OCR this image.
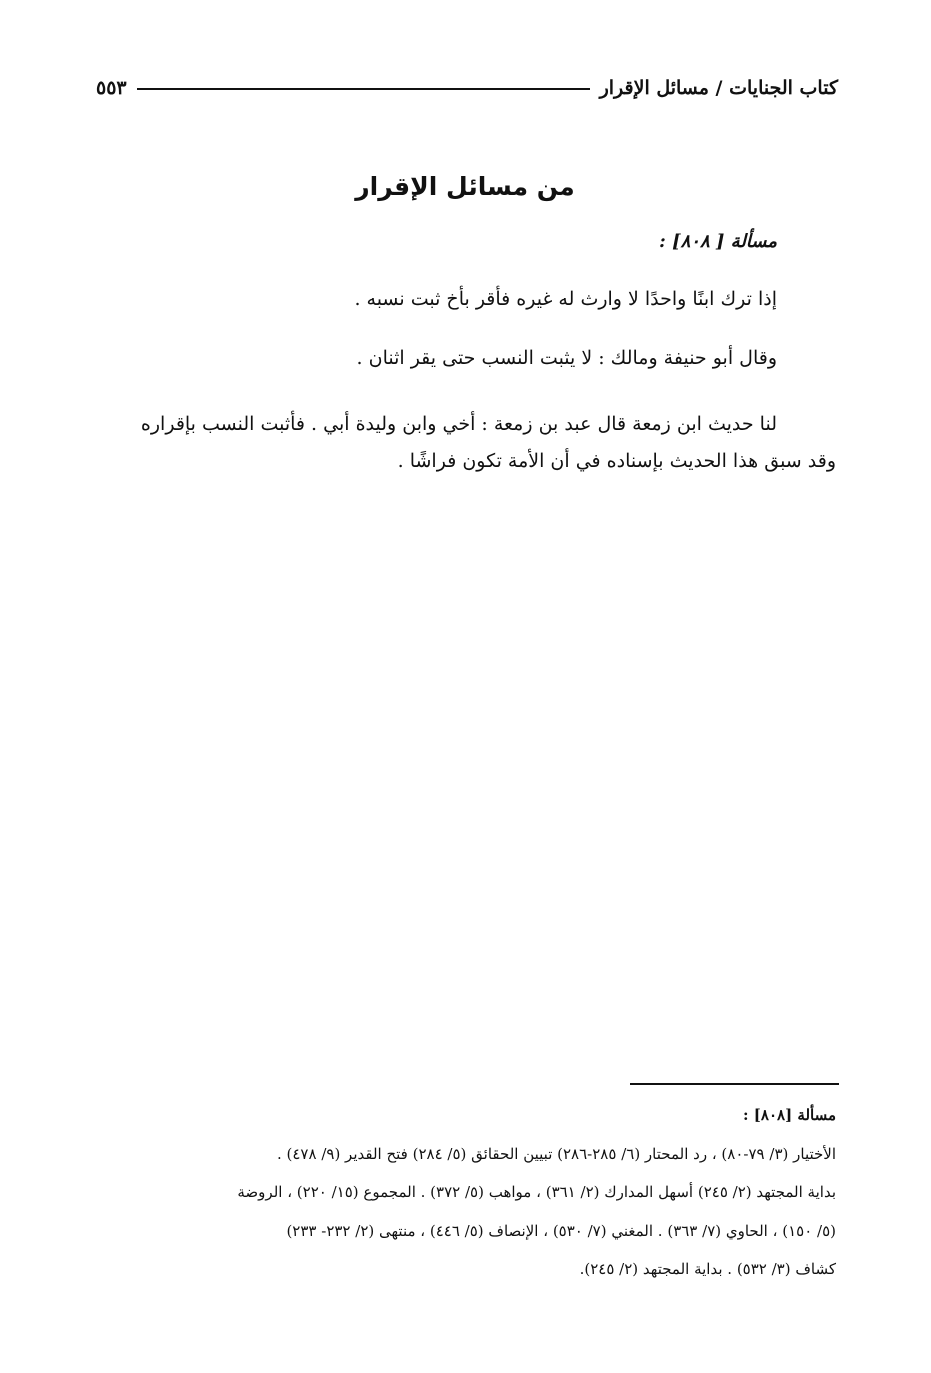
كتاب الجنايات / مسائل الإقرار
٥٥٣
من مسائل الإقرار
مسألة [ ٨٠٨] :
إذا ترك ابنًا واحدًا لا وارث له غيره فأقر بأخ ثبت نسبه .
وقال أبو حنيفة ومالك : لا يثبت النسب حتى يقر اثنان .
لنا حديث ابن زمعة قال عبد بن زمعة : أخي وابن وليدة أبي . فأثبت النسب بإقراره
وقد سبق هذا الحديث بإسناده في أن الأمة تكون فراشًا .
مسألة [٨٠٨] :
الأختيار (٣/ ٧٩-٨٠) ، رد المحتار (٦/ ٢٨٥-٢٨٦) تبيين الحقائق (٥/ ٢٨٤) فتح القدير (٩/ ٤٧٨) .
بداية المجتهد (٢/ ٢٤٥) أسهل المدارك (٢/ ٣٦١) ، مواهب (٥/ ٣٧٢) . المجموع (١٥/ ٢٢٠) ، الروضة
(٥/ ١٥٠) ، الحاوي (٧/ ٣٦٣) . المغني (٧/ ٥٣٠) ، الإنصاف (٥/ ٤٤٦) ، منتهى (٢/ ٢٣٢- ٢٣٣)
كشاف (٣/ ٥٣٢) . بداية المجتهد (٢/ ٢٤٥).
